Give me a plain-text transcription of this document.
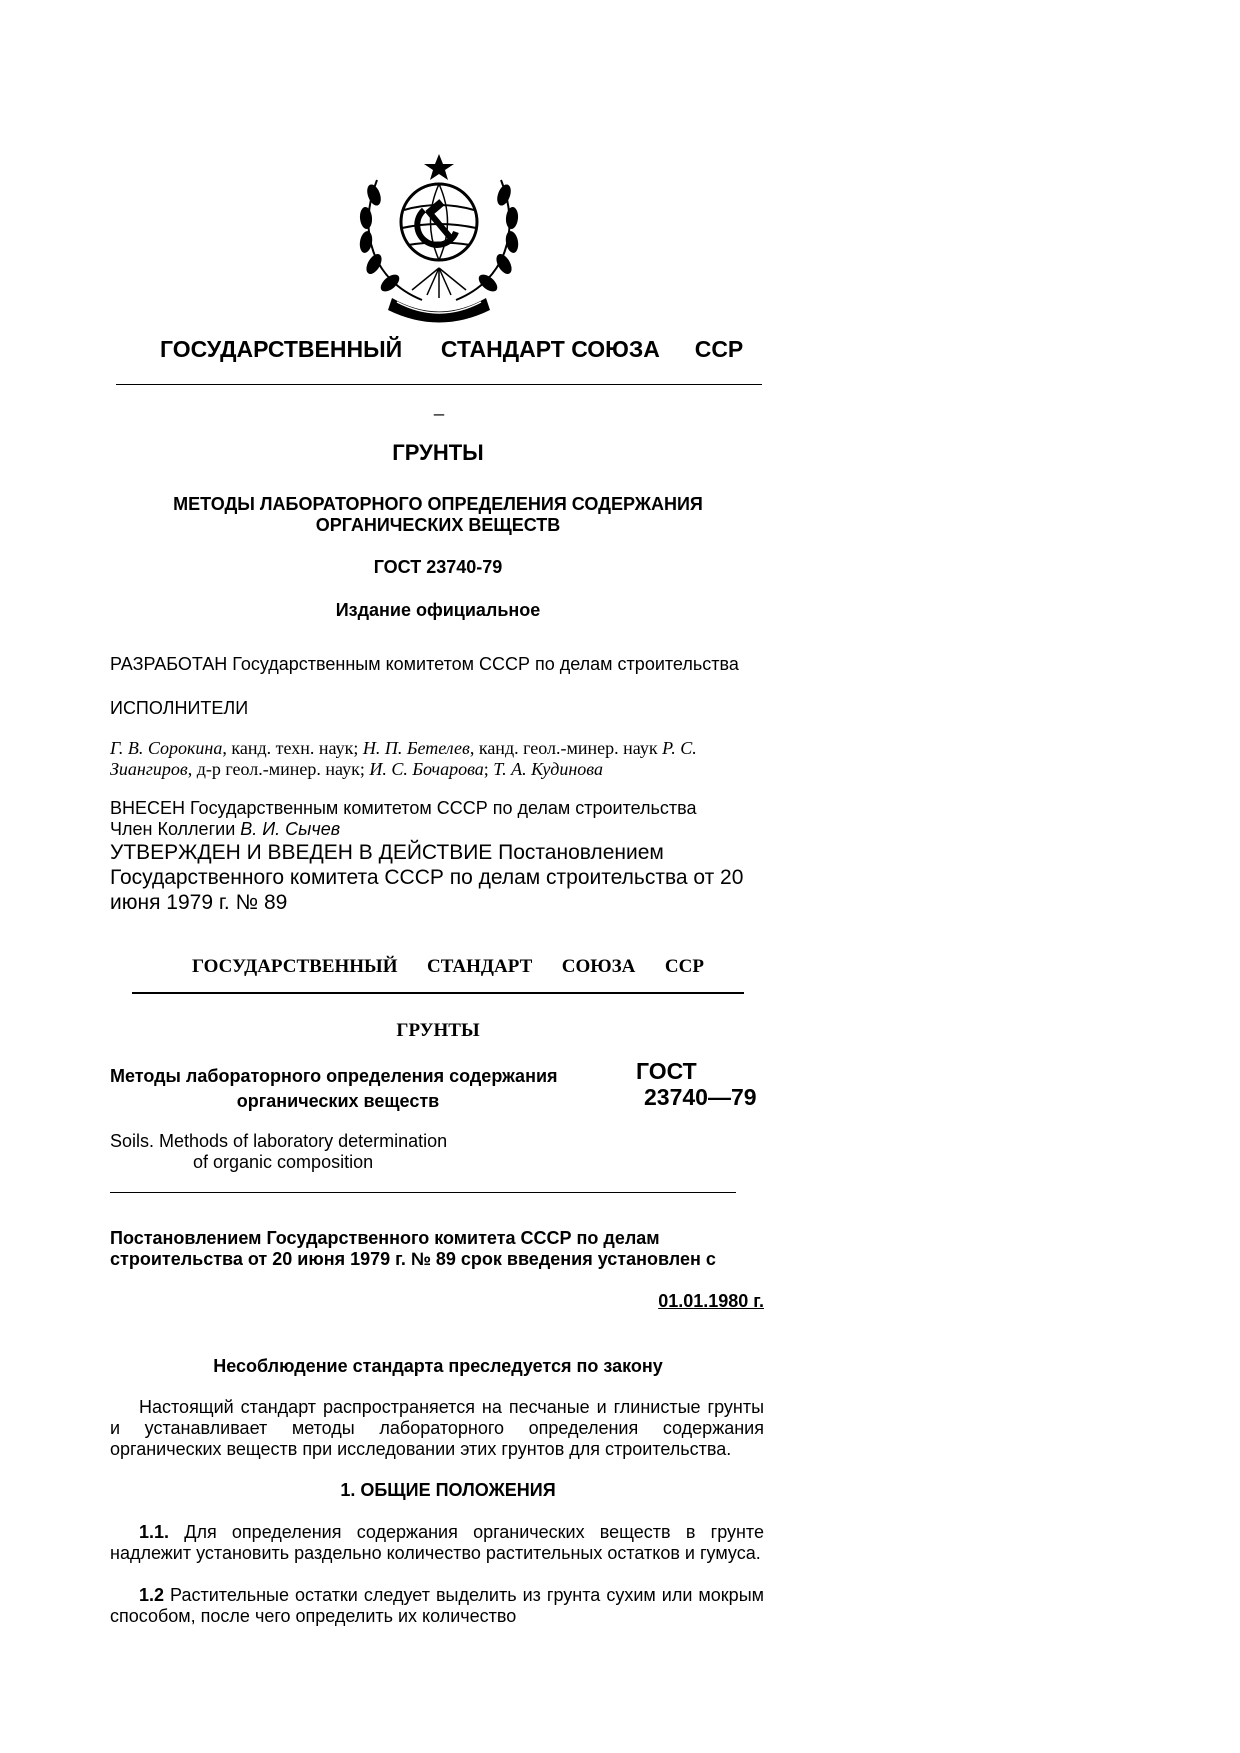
ГОСУДАРСТВЕННЫЙ СТАНДАРТ СОЮЗА ССР
_
ГРУНТЫ
МЕТОДЫ ЛАБОРАТОРНОГО ОПРЕДЕЛЕНИЯ СОДЕРЖАНИЯ
ОРГАНИЧЕСКИХ ВЕЩЕСТВ
ГОСТ 23740-79
Издание официальное
РАЗРАБОТАН Государственным комитетом СССР по делам строительства
ИСПОЛНИТЕЛИ
Г. В. Сорокина, канд. техн. наук; Н. П. Бетелев, канд. геол.-минер. наук Р. С. Зиангиров, д-р геол.-минер. наук; И. С. Бочарова; Т. А. Кудинова
ВНЕСЕН Государственным комитетом СССР по делам строительства
Член Коллегии В. И. Сычев
УТВЕРЖДЕН И ВВЕДЕН В ДЕЙСТВИЕ Постановлением Государственного комитета СССР по делам строительства от 20 июня 1979 г. № 89
ГОСУДАРСТВЕННЫЙ СТАНДАРТ СОЮЗА ССР
ГРУНТЫ
Методы лабораторного определения содержания
органических веществ
ГОСТ
23740—79
Soils. Methods of laboratory determination
of organic composition
Постановлением Государственного комитета СССР по делам строительства от 20 июня 1979 г. № 89 срок введения установлен с
01.01.1980 г.
Несоблюдение стандарта преследуется по закону
Настоящий стандарт распространяется на песчаные и глинистые грунты и устанавливает методы лабораторного определения содержания органических веществ при исследовании этих грунтов для строительства.
1. ОБЩИЕ ПОЛОЖЕНИЯ
1.1. Для определения содержания органических веществ в грунте надлежит установить раздельно количество растительных остатков и гумуса.
1.2 Растительные остатки следует выделить из грунта сухим или мокрым способом, после чего определить их количество
